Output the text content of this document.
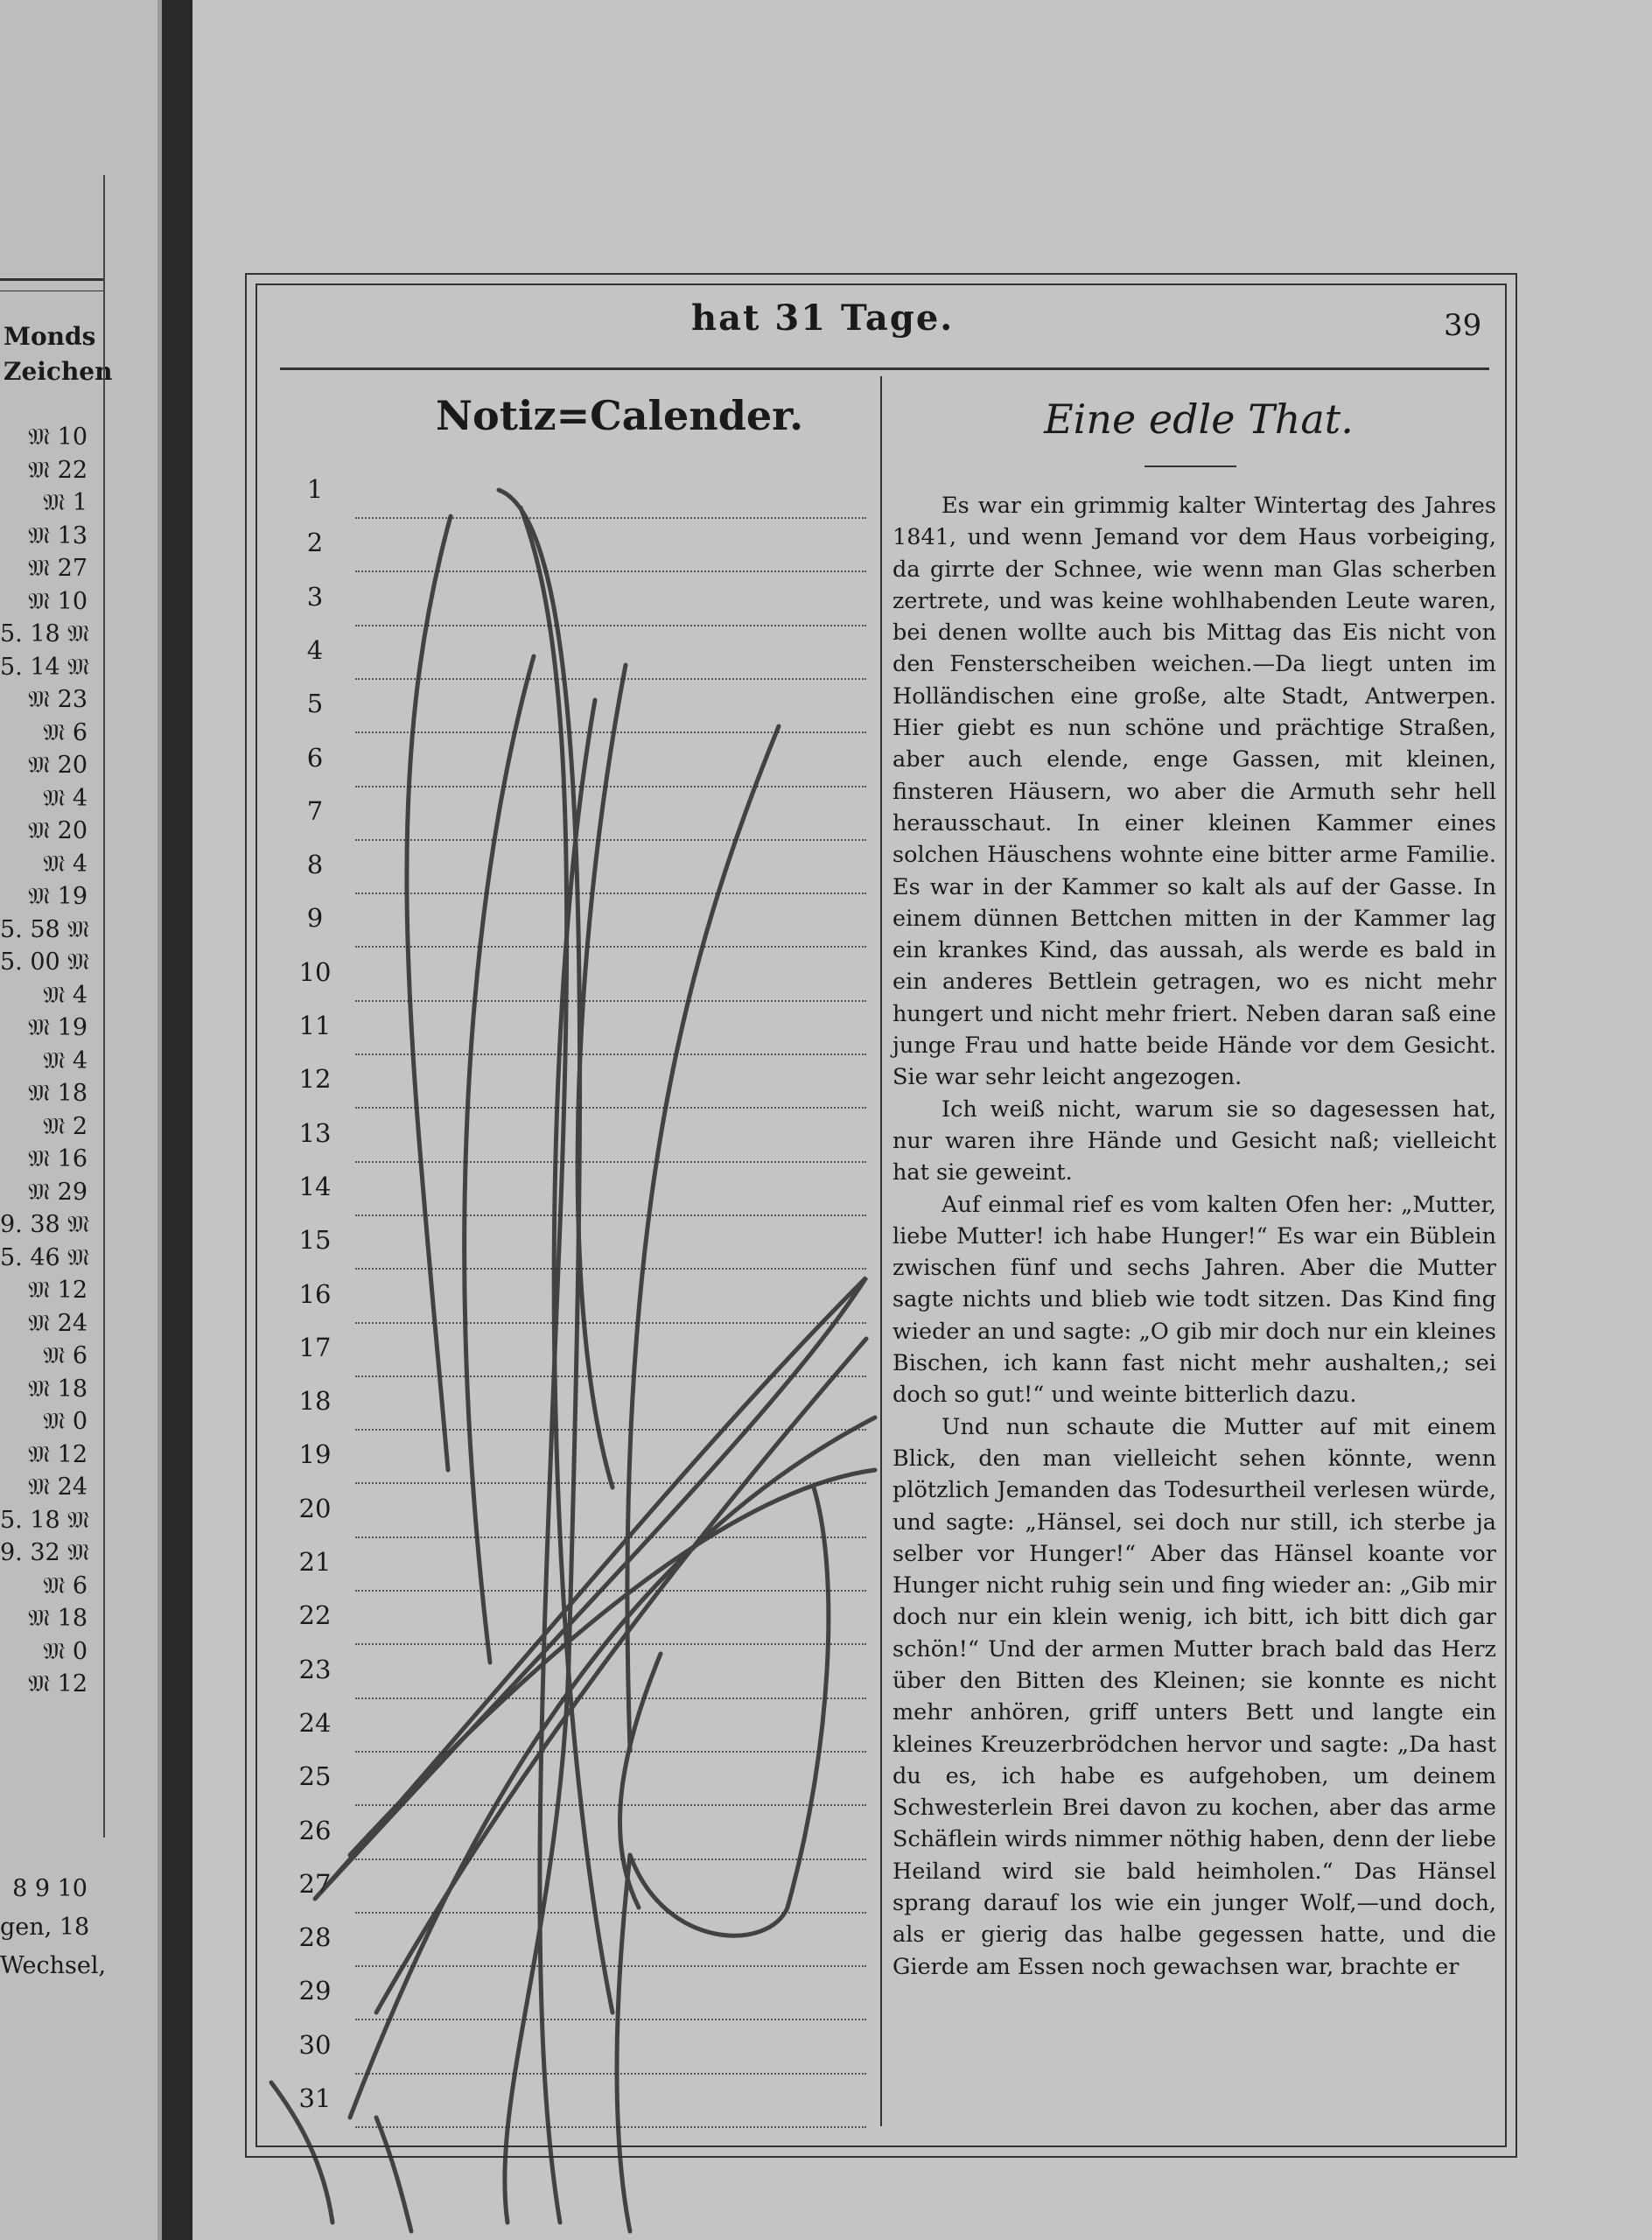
Monds
Zeichen
𝔐 10
𝔐 22
𝔐 1
𝔐 13
𝔐 27
𝔐 10
5. 18 𝔐
5. 14 𝔐
𝔐 23
𝔐 6
𝔐 20
𝔐 4
𝔐 20
𝔐 4
𝔐 19
5. 58 𝔐
5. 00 𝔐
𝔐 4
𝔐 19
𝔐 4
𝔐 18
𝔐 2
𝔐 16
𝔐 29
9. 38 𝔐
5. 46 𝔐
𝔐 12
𝔐 24
𝔐 6
𝔐 18
𝔐 0
𝔐 12
𝔐 24
5. 18 𝔐
9. 32 𝔐
𝔐 6
𝔐 18
𝔐 0
𝔐 12
8 9 10
gen, 18
Wechsel,
hat 31 Tage.	39
Notiz=Calender.
1
2
3
4
5
6
7
8
9
10
11
12
13
14
15
16
17
18
19
20
21
22
23
24
25
26
27
28
29
30
31
Eine edle That.

Es war ein grimmig kalter Wintertag des Jahres 1841, und wenn Jemand vor dem Haus vorbeiging, da girrte der Schnee, wie wenn man Glas scherben zertrete, und was keine wohlhabenden Leute waren, bei denen wollte auch bis Mittag das Eis nicht von den Fensterscheiben weichen.—Da liegt unten im Holländischen eine große, alte Stadt, Antwerpen. Hier giebt es nun schöne und prächtige Straßen, aber auch elende, enge Gassen, mit kleinen, finsteren Häusern, wo aber die Armuth sehr hell herausschaut. In einer kleinen Kammer eines solchen Häuschens wohnte eine bitter arme Familie. Es war in der Kammer so kalt als auf der Gasse. In einem dünnen Bettchen mitten in der Kammer lag ein krankes Kind, das aussah, als werde es bald in ein anderes Bettlein getragen, wo es nicht mehr hungert und nicht mehr friert. Neben daran saß eine junge Frau und hatte beide Hände vor dem Gesicht. Sie war sehr leicht angezogen.

Ich weiß nicht, warum sie so dagesessen hat, nur waren ihre Hände und Gesicht naß; vielleicht hat sie geweint.

Auf einmal rief es vom kalten Ofen her: „Mutter, liebe Mutter! ich habe Hunger!“ Es war ein Büblein zwischen fünf und sechs Jahren. Aber die Mutter sagte nichts und blieb wie todt sitzen. Das Kind fing wieder an und sagte: „O gib mir doch nur ein kleines Bischen, ich kann fast nicht mehr aushalten,; sei doch so gut!“ und weinte bitterlich dazu.

Und nun schaute die Mutter auf mit einem Blick, den man vielleicht sehen könnte, wenn plötzlich Jemanden das Todesurtheil verlesen würde, und sagte: „Hänsel, sei doch nur still, ich sterbe ja selber vor Hunger!“ Aber das Hänsel koante vor Hunger nicht ruhig sein und fing wieder an: „Gib mir doch nur ein klein wenig, ich bitt, ich bitt dich gar schön!“ Und der armen Mutter brach bald das Herz über den Bitten des Kleinen; sie konnte es nicht mehr anhören, griff unters Bett und langte ein kleines Kreuzerbrödchen hervor und sagte: „Da hast du es, ich habe es aufgehoben, um deinem Schwesterlein Brei davon zu kochen, aber das arme Schäflein wirds nimmer nöthig haben, denn der liebe Heiland wird sie bald heimholen.“ Das Hänsel sprang darauf los wie ein junger Wolf,—und doch, als er gierig das halbe gegessen hatte, und die Gierde am Essen noch gewachsen war, brachte er
